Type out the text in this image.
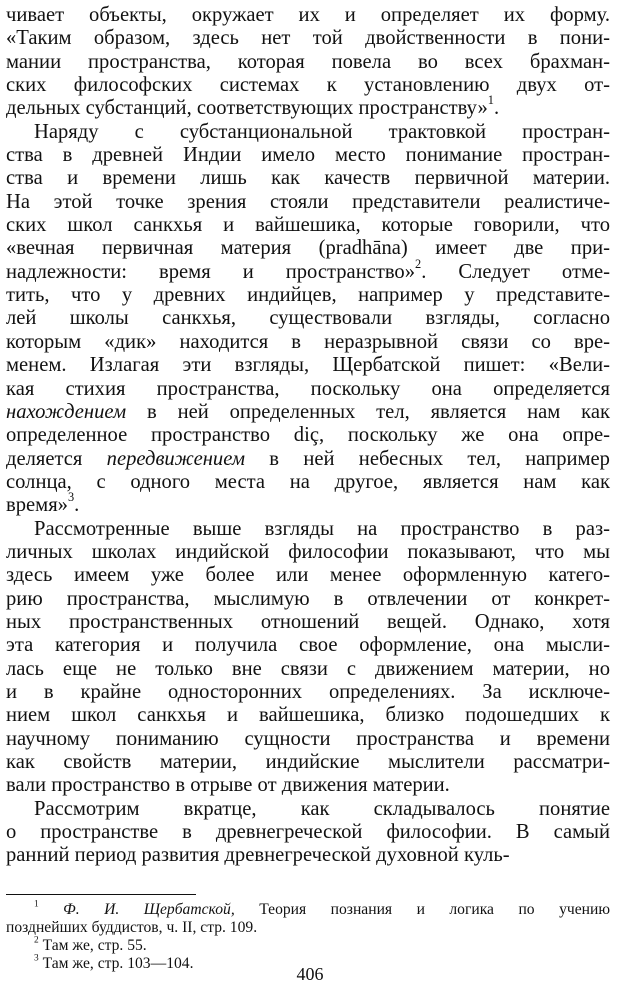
чивает объекты, окружает их и определяет их форму.
«Таким образом, здесь нет той двойственности в пони-
мании пространства, которая повела во всех брахман-
ских философских системах к установлению двух от-
дельных субстанций, соответствующих пространству»$^1$.
Наряду с субстанциональной трактовкой простран-
ства в древней Индии имело место понимание простран-
ства и времени лишь как качеств первичной материи.
На этой точке зрения стояли представители реалистиче-
ских школ санкхья и вайшешика, которые говорили, что
«вечная первичная материя (pradhāna) имеет две при-
надлежности: время и пространство»$^2$. Следует отме-
тить, что у древних индийцев, например у представите-
лей школы санкхья, существовали взгляды, согласно
которым «дик» находится в неразрывной связи со вре-
менем. Излагая эти взгляды, Щербатской пишет: «Вели-
кая стихия пространства, поскольку она определяется
нахождением в ней определенных тел, является нам как
определенное пространство diç, поскольку же она опре-
деляется передвижением в ней небесных тел, например
солнца, с одного места на другое, является нам как
время»$^3$.
Рассмотренные выше взгляды на пространство в раз-
личных школах индийской философии показывают, что мы
здесь имеем уже более или менее оформленную катего-
рию пространства, мыслимую в отвлечении от конкрет-
ных пространственных отношений вещей. Однако, хотя
эта категория и получила свое оформление, она мысли-
лась еще не только вне связи с движением материи, но
и в крайне односторонних определениях. За исключе-
нием школ санкхья и вайшешика, близко подошедших к
научному пониманию сущности пространства и времени
как свойств материи, индийские мыслители рассматри-
вали пространство в отрыве от движения материи.
Рассмотрим вкратце, как складывалось понятие
о пространстве в древнегреческой философии. В самый
ранний период развития древнегреческой духовной куль-
$^1$ Ф. И. Щербатской, Теория познания и логика по учению
позднейших буддистов, ч. II, стр. 109.
$^2$ Там же, стр. 55.
$^3$ Там же, стр. 103—104.
406
